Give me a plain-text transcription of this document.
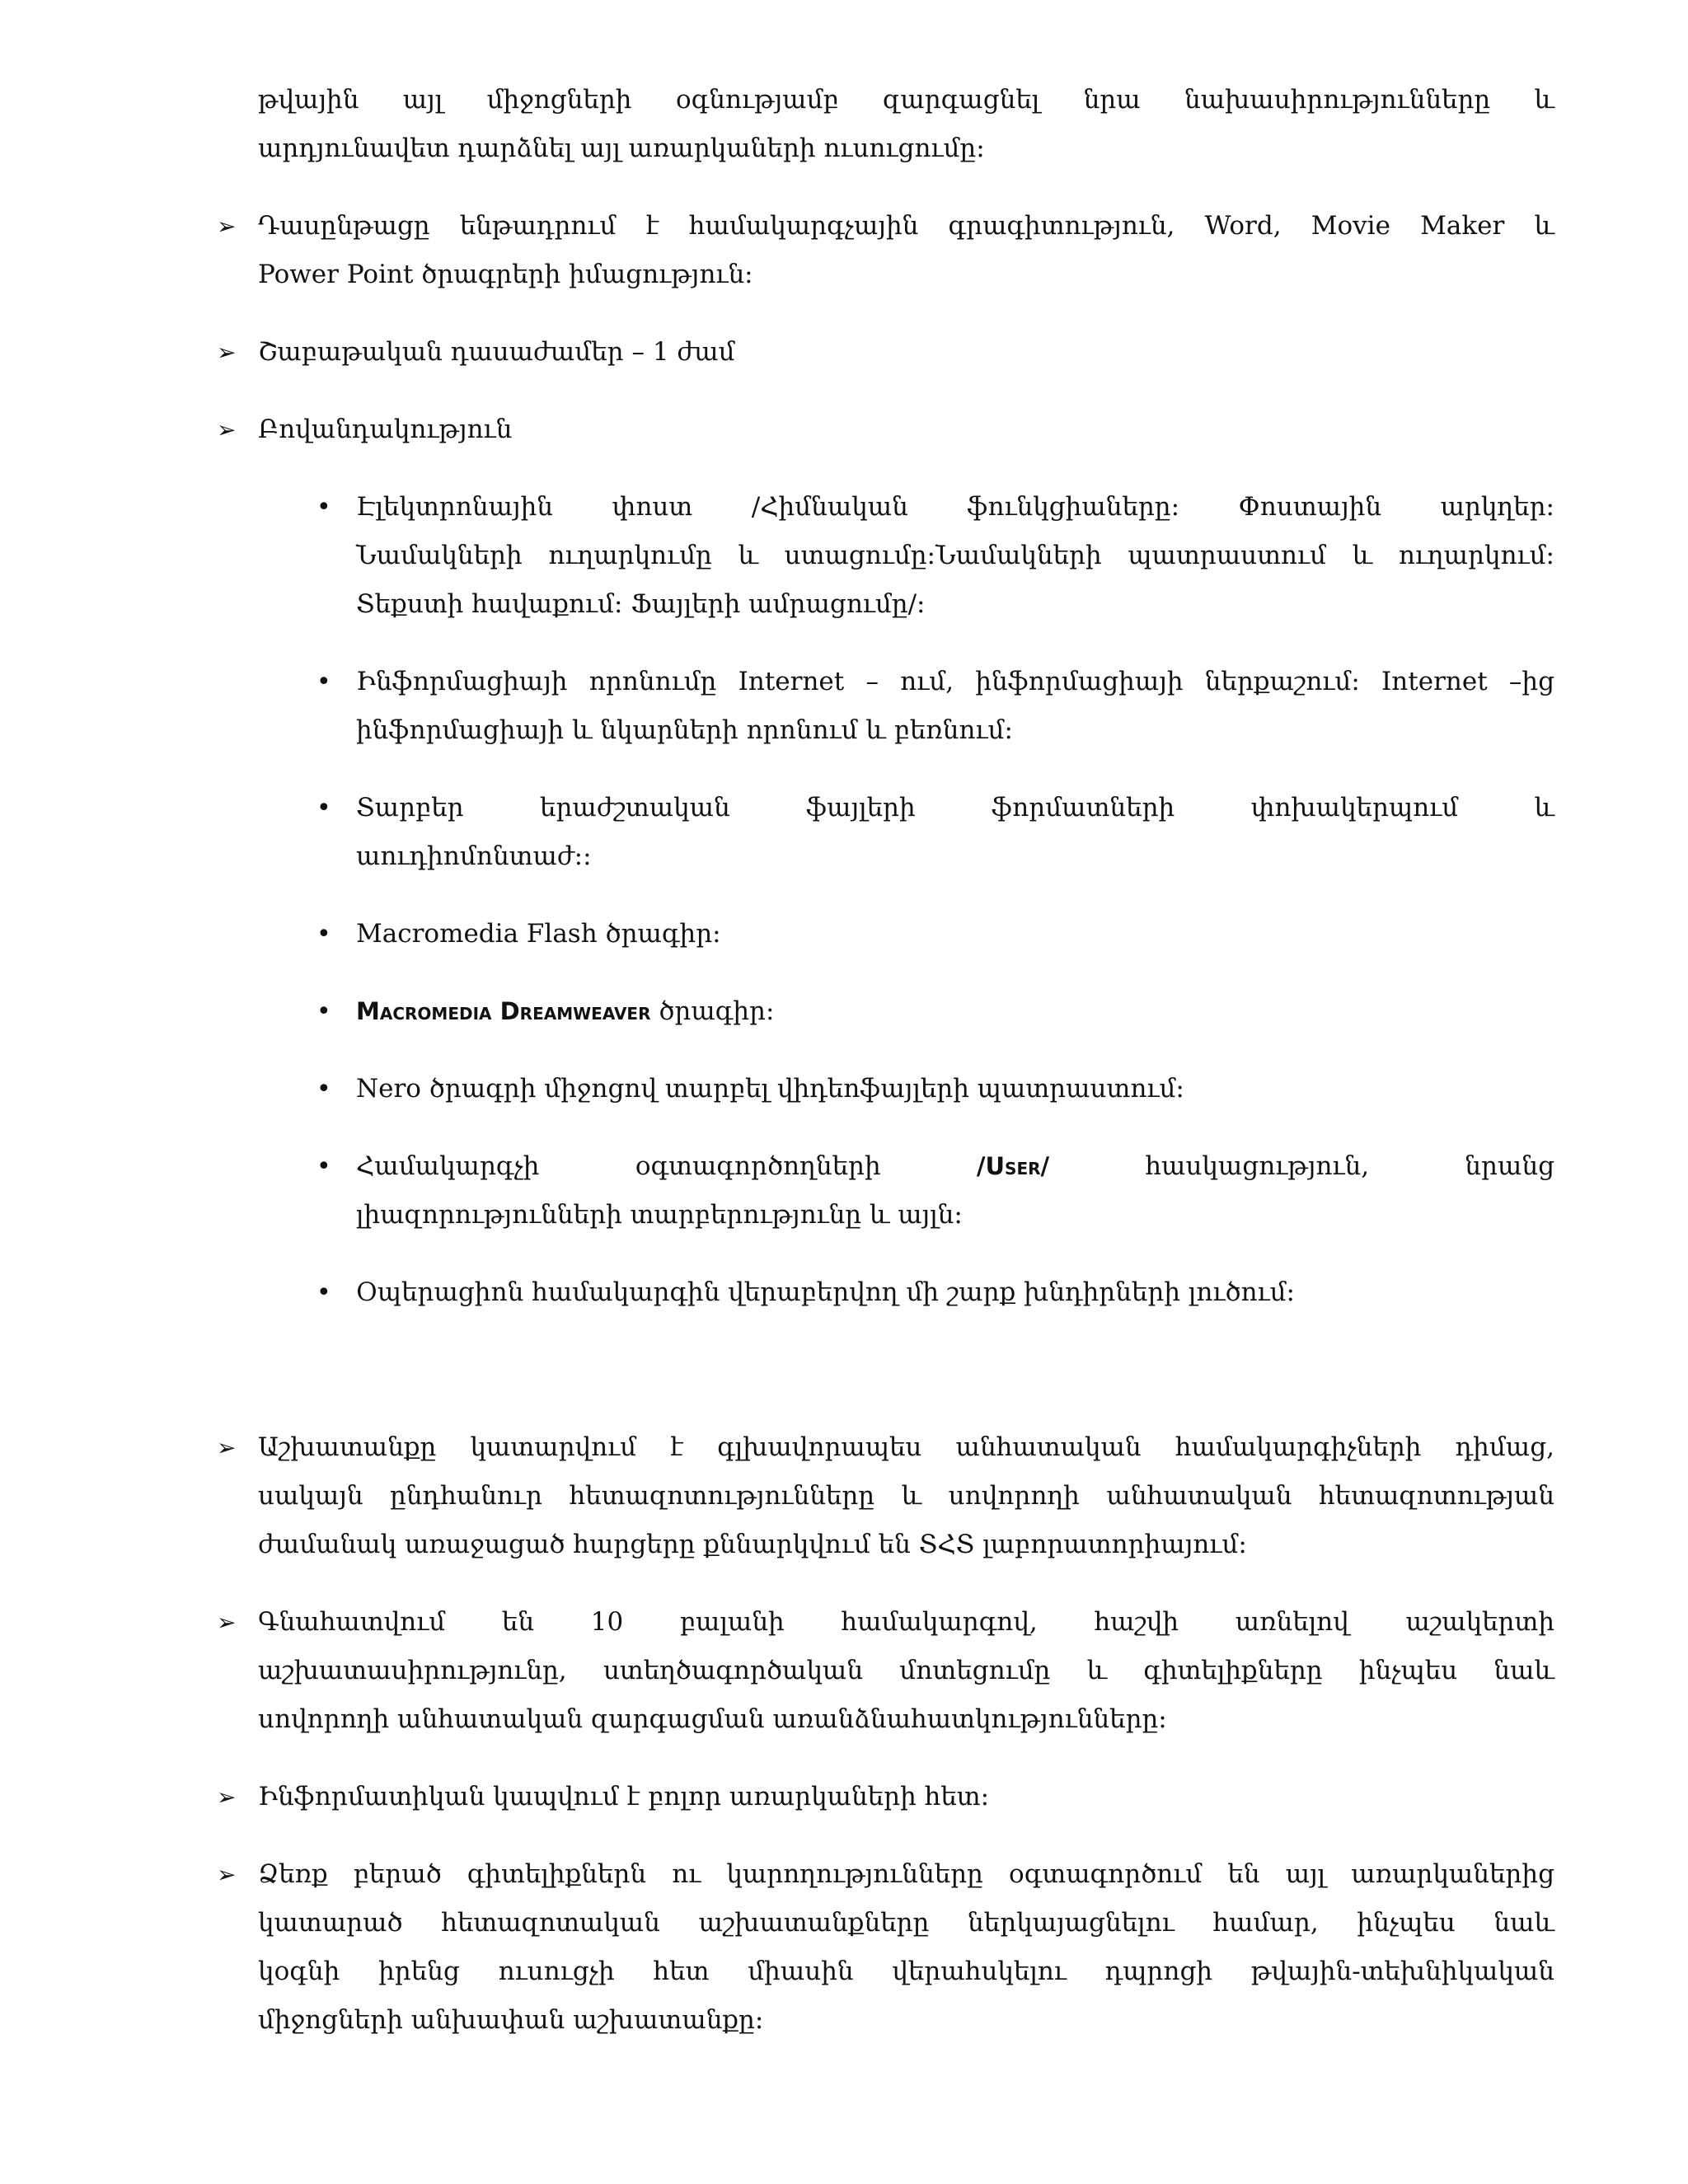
թվային այլ միջոցների օգնությամբ զարգացնել նրա նախասիրությունները և
արդյունավետ դարձնել այլ առարկաների ուսուցումը։
➢ Դասընթացը ենթադրում է համակարգչային գրագիտություն, Word, Movie Maker և
Power Point ծրագրերի իմացություն:
➢ Շաբաթական դասաժամեր – 1 ժամ
➢ Բովանդակություն
• Էլեկտրոնային փոստ /Հիմնական ֆունկցիաները: Փոստային արկղեր:
Նամակների ուղարկումը և ստացումը:Նամակների պատրաստում և ուղարկում:
Տեքստի հավաքում: Ֆայլերի ամրացումը/:
• Ինֆորմացիայի որոնումը Internet – ում, ինֆորմացիայի ներքաշում: Internet –ից
ինֆորմացիայի և նկարների որոնում և բեռնում:
• Տարբեր երաժշտական ֆայլերի ֆորմատների փոխակերպում և
աուդիոմոնտաժ::
• Macromedia Flash ծրագիր:
• Macromedia Dreamweaver ծրագիր:
• Nero ծրագրի միջոցով տարբել վիդեոֆայլերի պատրաստում։
• Համակարգչի օգտագործողների	/User/	հասկացություն,	նրանց
լիազորությունների տարբերությունը և այլն։
• Օպերացիոն համակարգին վերաբերվող մի շարք խնդիրների լուծում։
➢ Աշխատանքը կատարվում է գլխավորապես անհատական համակարգիչների դիմաց,
սակայն ընդհանուր հետազոտությունները և սովորողի անհատական հետազոտության
ժամանակ առաջացած հարցերը քննարկվում են ՏՀՏ լաբորատորիայում:
➢ Գնահատվում են 10 բալանի համակարգով, հաշվի առնելով աշակերտի
աշխատասիրությունը, ստեղծագործական մոտեցումը և գիտելիքները ինչպես նաև
սովորողի անհատական զարգացման առանձնահատկությունները։
➢ Ինֆորմատիկան կապվում է բոլոր առարկաների հետ:
➢ Ձեռք բերած գիտելիքներն ու կարողությունները օգտագործում են այլ առարկաներից
կատարած հետազոտական աշխատանքները ներկայացնելու համար, ինչպես նաև
կօգնի իրենց ուսուցչի հետ միասին վերահսկելու դպրոցի թվային-տեխնիկական
միջոցների անխափան աշխատանքը։
